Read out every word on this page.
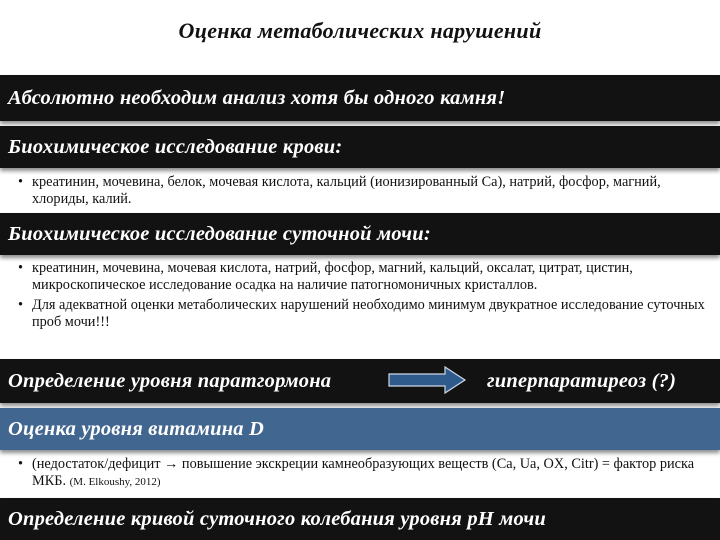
Оценка метаболических нарушений
Абсолютно необходим анализ хотя бы одного камня!
Биохимическое исследование крови:
• креатинин, мочевина, белок, мочевая кислота, кальций (ионизированный Са), натрий, фосфор, магний, хлориды, калий.
Биохимическое исследование суточной мочи:
• креатинин, мочевина, мочевая кислота, натрий, фосфор, магний, кальций, оксалат, цитрат, цистин, микроскопическое исследование осадка на наличие патогномоничных кристаллов.
• Для адекватной оценки метаболических нарушений необходимо минимум двукратное исследование суточных проб мочи!!!
Определение уровня паратгормона	гиперпаратиреоз (?)
Оценка уровня витамина D
• (недостаток/дефицит → повышение экскреции камнеобразующих веществ (Ca, Ua, OX, Citr) = фактор риска МКБ. (M. Elkoushy, 2012)
Определение кривой суточного колебания уровня рН мочи
